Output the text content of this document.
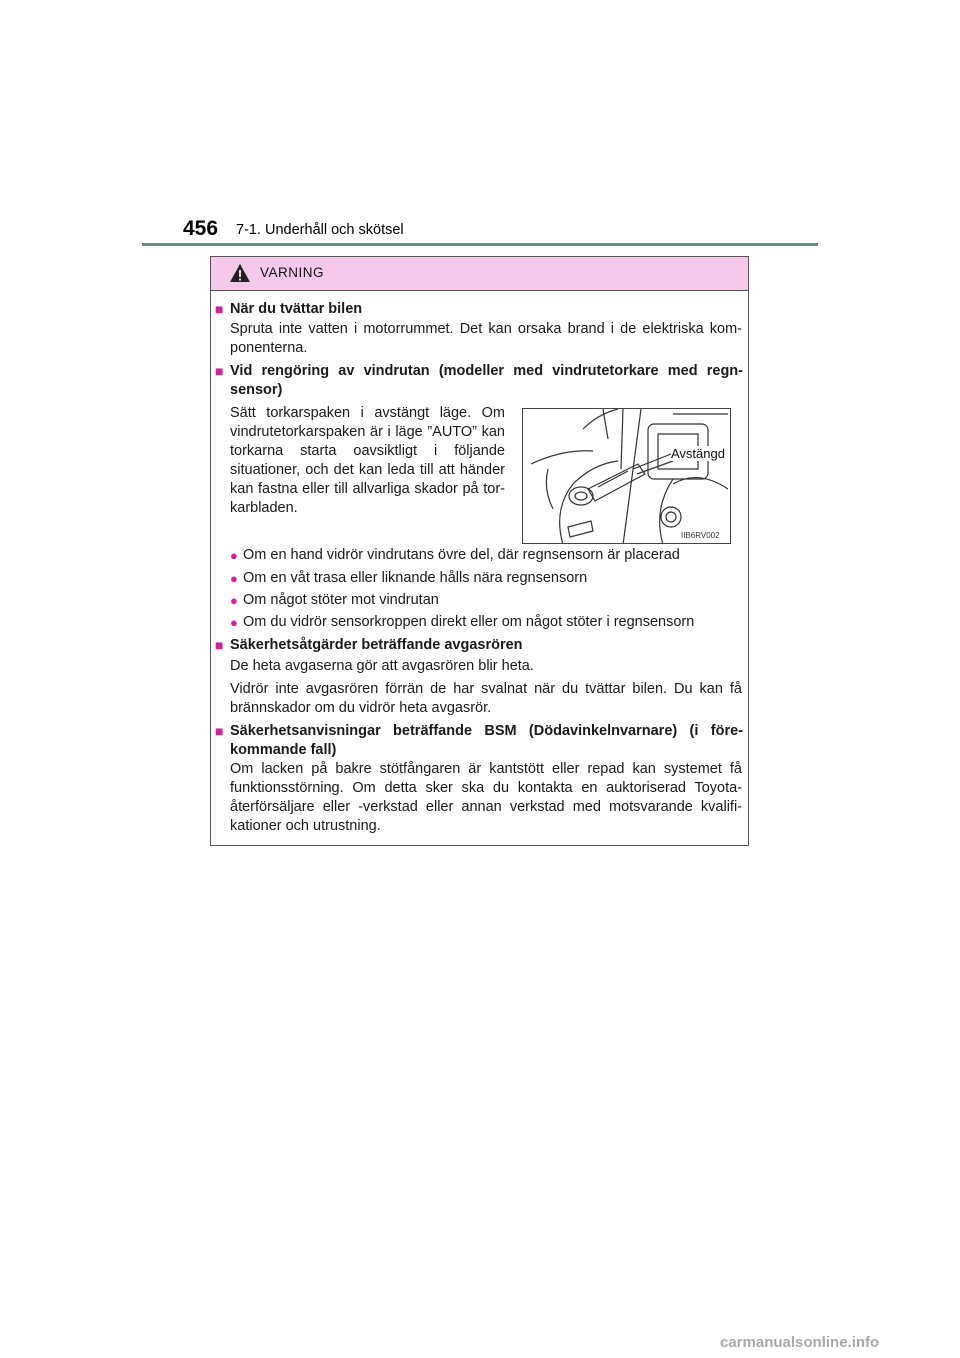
456 7-1. Underhåll och skötsel
VARNING
■ När du tvättar bilen
Spruta inte vatten i motorrummet. Det kan orsaka brand i de elektriska kom-ponenterna.
■ Vid rengöring av vindrutan (modeller med vindrutetorkare med regn-sensor)
Sätt torkarspaken i avstängt läge. Om vindrutetorkarspaken är i läge ”AUTO” kan torkarna starta oavsiktligt i följande situationer, och det kan leda till att händer kan fastna eller till allvarliga skador på tor-karbladen.
Avstängd
IIB6RV002
● Om en hand vidrör vindrutans övre del, där regnsensorn är placerad
● Om en våt trasa eller liknande hålls nära regnsensorn
● Om något stöter mot vindrutan
● Om du vidrör sensorkroppen direkt eller om något stöter i regnsensorn
■ Säkerhetsåtgärder beträffande avgasrören
De heta avgaserna gör att avgasrören blir heta.
Vidrör inte avgasrören förrän de har svalnat när du tvättar bilen. Du kan få brännskador om du vidrör heta avgasrör.
■ Säkerhetsanvisningar beträffande BSM (Dödavinkelnvarnare) (i före-kommande fall)
Om lacken på bakre stötfångaren är kantstött eller repad kan systemet få funktionsstörning. Om detta sker ska du kontakta en auktoriserad Toyota-återförsäljare eller -verkstad eller annan verkstad med motsvarande kvalifi-kationer och utrustning.
carmanualsonline.info
